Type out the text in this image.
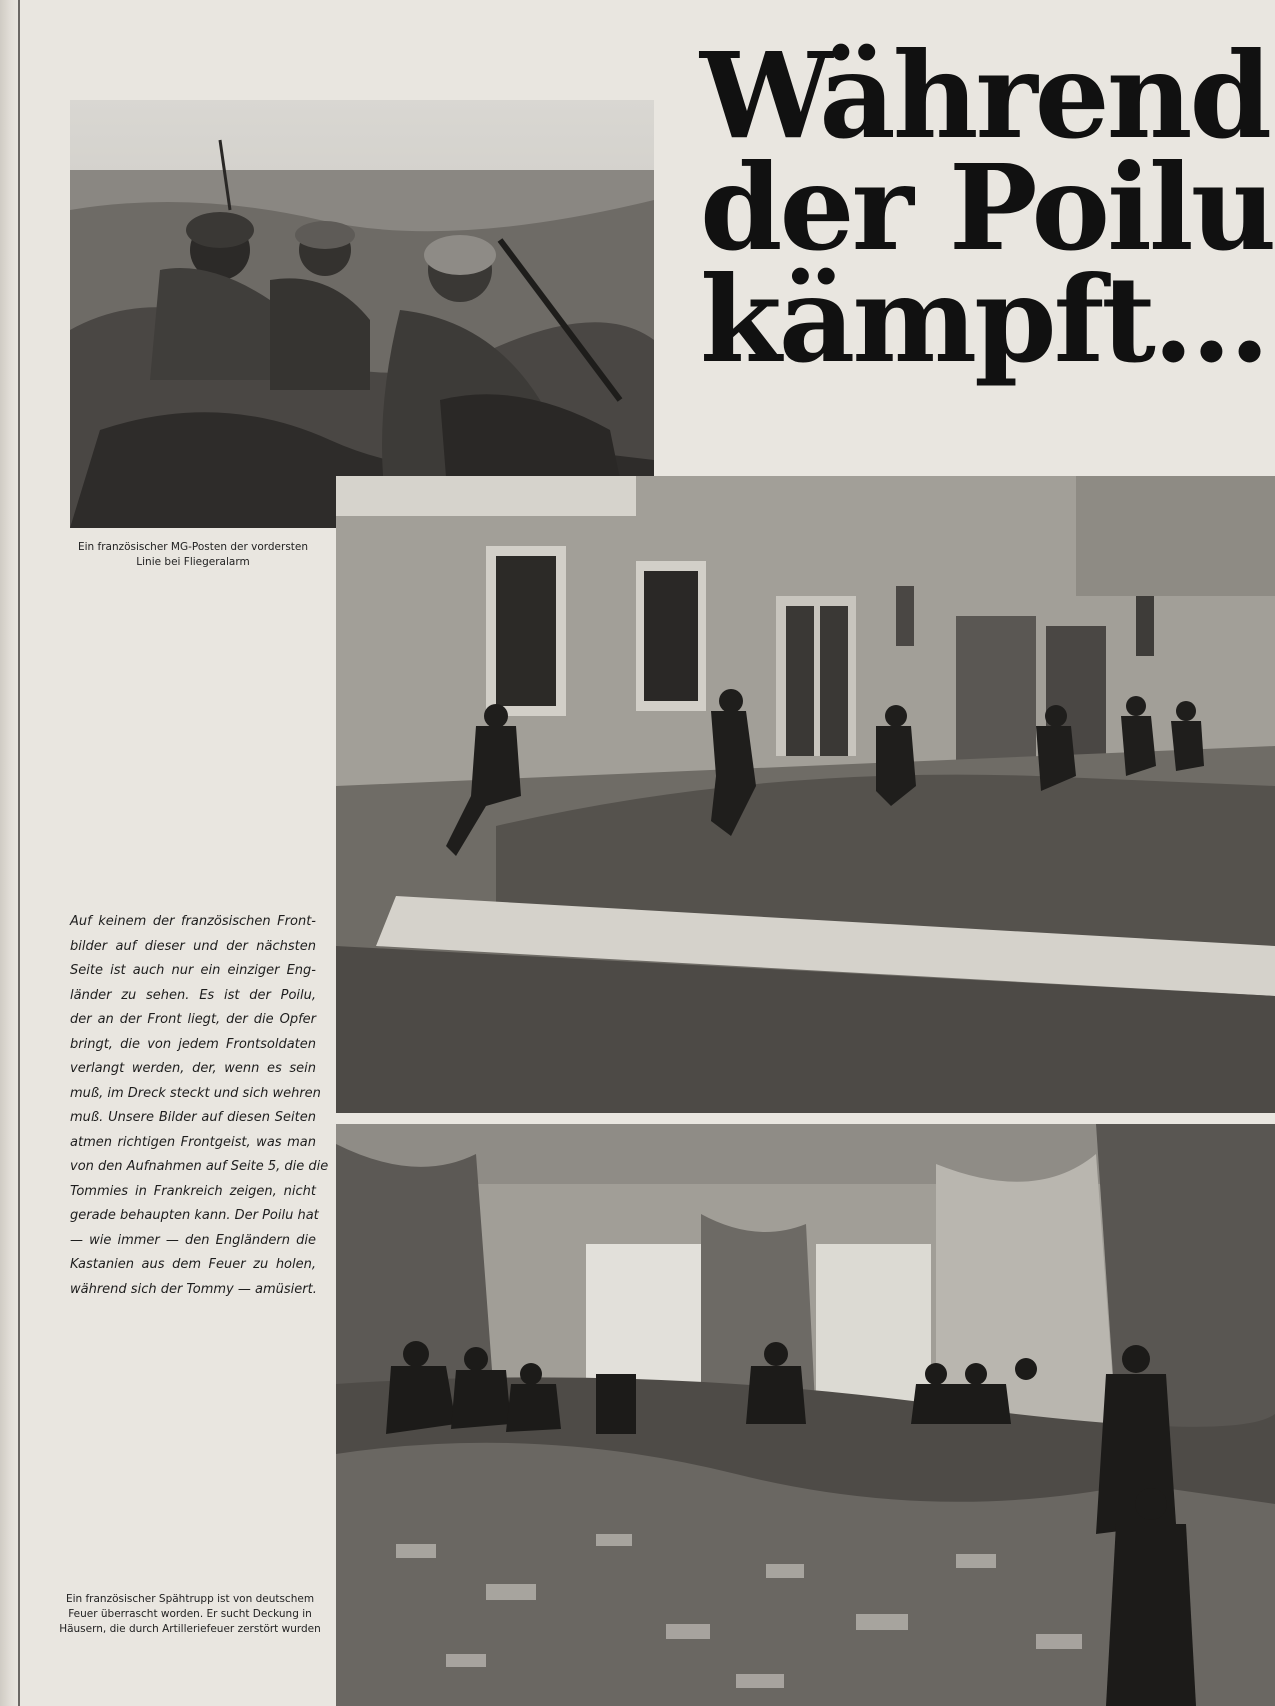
Während
der Poilu
kämpft...
Ein französischer MG-Posten der vordersten Linie bei Fliegeralarm
Auf keinem der französischen Front-
bilder auf dieser und der nächsten
Seite ist auch nur ein einziger Eng-
länder zu sehen. Es ist der Poilu,
der an der Front liegt, der die Opfer
bringt, die von jedem Frontsoldaten
verlangt werden, der, wenn es sein
muß, im Dreck steckt und sich wehren
muß. Unsere Bilder auf diesen Seiten
atmen richtigen Frontgeist, was man
von den Aufnahmen auf Seite 5, die die
Tommies in Frankreich zeigen, nicht
gerade behaupten kann. Der Poilu hat
— wie immer — den Engländern die
Kastanien aus dem Feuer zu holen,
während sich der Tommy — amüsiert.
Ein französischer Spähtrupp ist von deutschem Feuer überrascht worden. Er sucht Deckung in Häusern, die durch Artilleriefeuer zerstört wurden
